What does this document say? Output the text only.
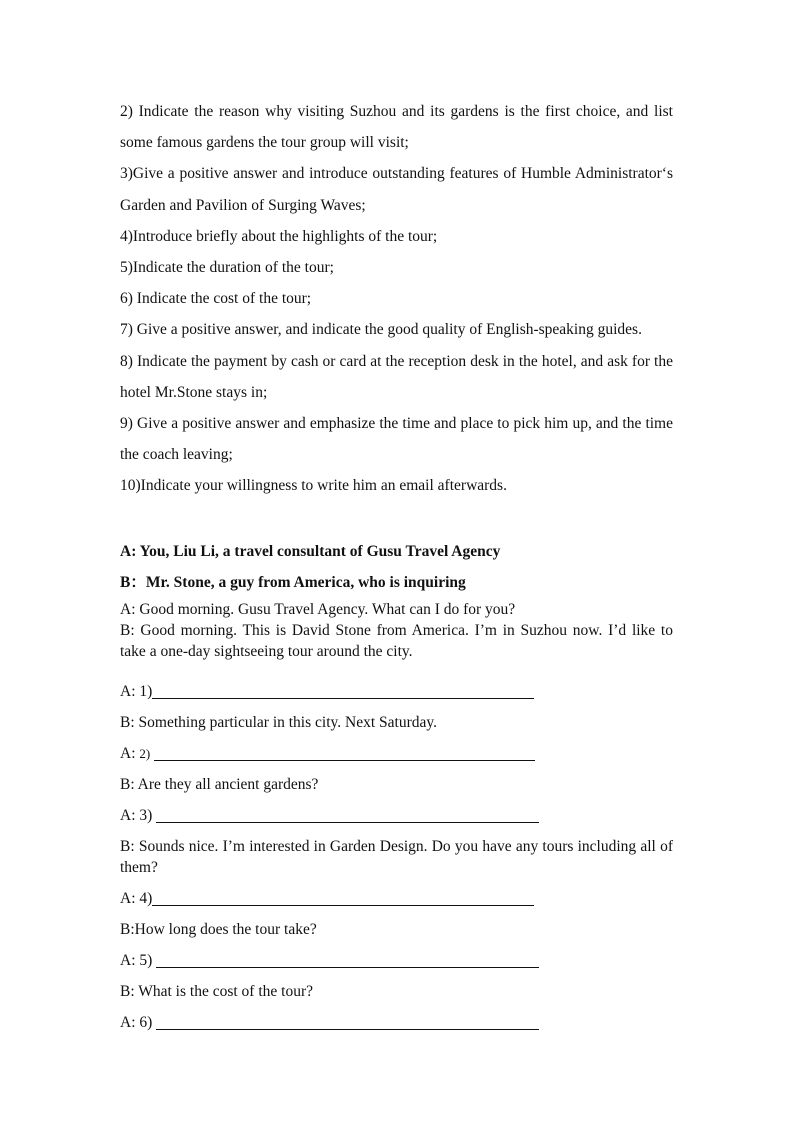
2) Indicate the reason why visiting Suzhou and its gardens is the first choice, and list some famous gardens the tour group will visit;

3)Give a positive answer and introduce outstanding features of Humble Administrator‘s Garden and Pavilion of Surging Waves;

4)Introduce briefly about the highlights of the tour;

5)Indicate the duration of the tour;

6) Indicate the cost of the tour;

7) Give a positive answer, and indicate the good quality of English-speaking guides.

8) Indicate the payment by cash or card at the reception desk in the hotel, and ask for the hotel Mr.Stone stays in;

9) Give a positive answer and emphasize the time and place to pick him up, and the time the coach leaving;

10)Indicate your willingness to write him an email afterwards.

A: You, Liu Li, a travel consultant of Gusu Travel Agency

B：Mr. Stone, a guy from America, who is inquiring

A: Good morning. Gusu Travel Agency. What can I do for you?

B: Good morning. This is David Stone from America. I’m in Suzhou now. I’d like to take a one-day sightseeing tour around the city.

A: 1)

B: Something particular in this city. Next Saturday.

A: 2)

B: Are they all ancient gardens?

A: 3)

B: Sounds nice. I’m interested in Garden Design. Do you have any tours including all of them?

A: 4)

B:How long does the tour take?

A: 5)

B: What is the cost of the tour?

A: 6)
